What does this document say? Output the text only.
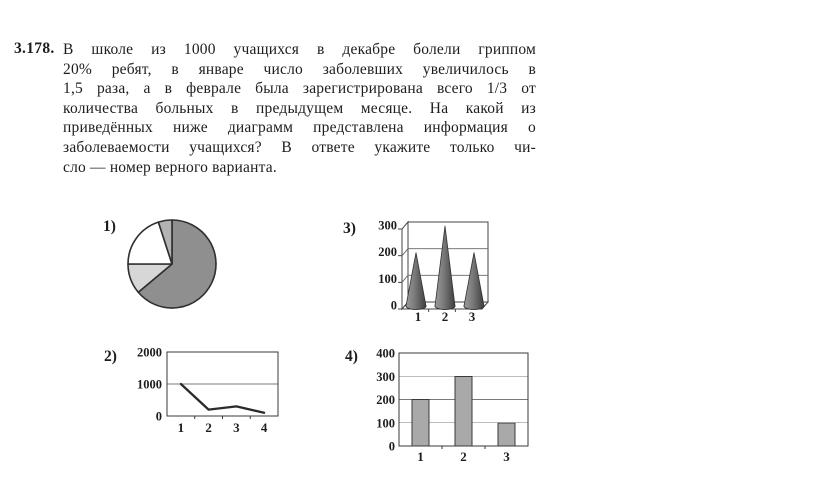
3.178. В школе из 1000 учащихся в декабре болели гриппом
20% ребят, в январе число заболевших увеличилось в
1,5 раза, а в феврале была зарегистрирована всего 1/3 от
количества больных в предыдущем месяце. На какой из
приведённых ниже диаграмм представлена информация о
заболеваемости учащихся? В ответе укажите только чи-
сло — номер верного варианта.
1)
2) 2000
1000
0
1 2 3 4
3)
0
100
200
300
1 2 3
4) 400
300
200
100
0
1	2	3
